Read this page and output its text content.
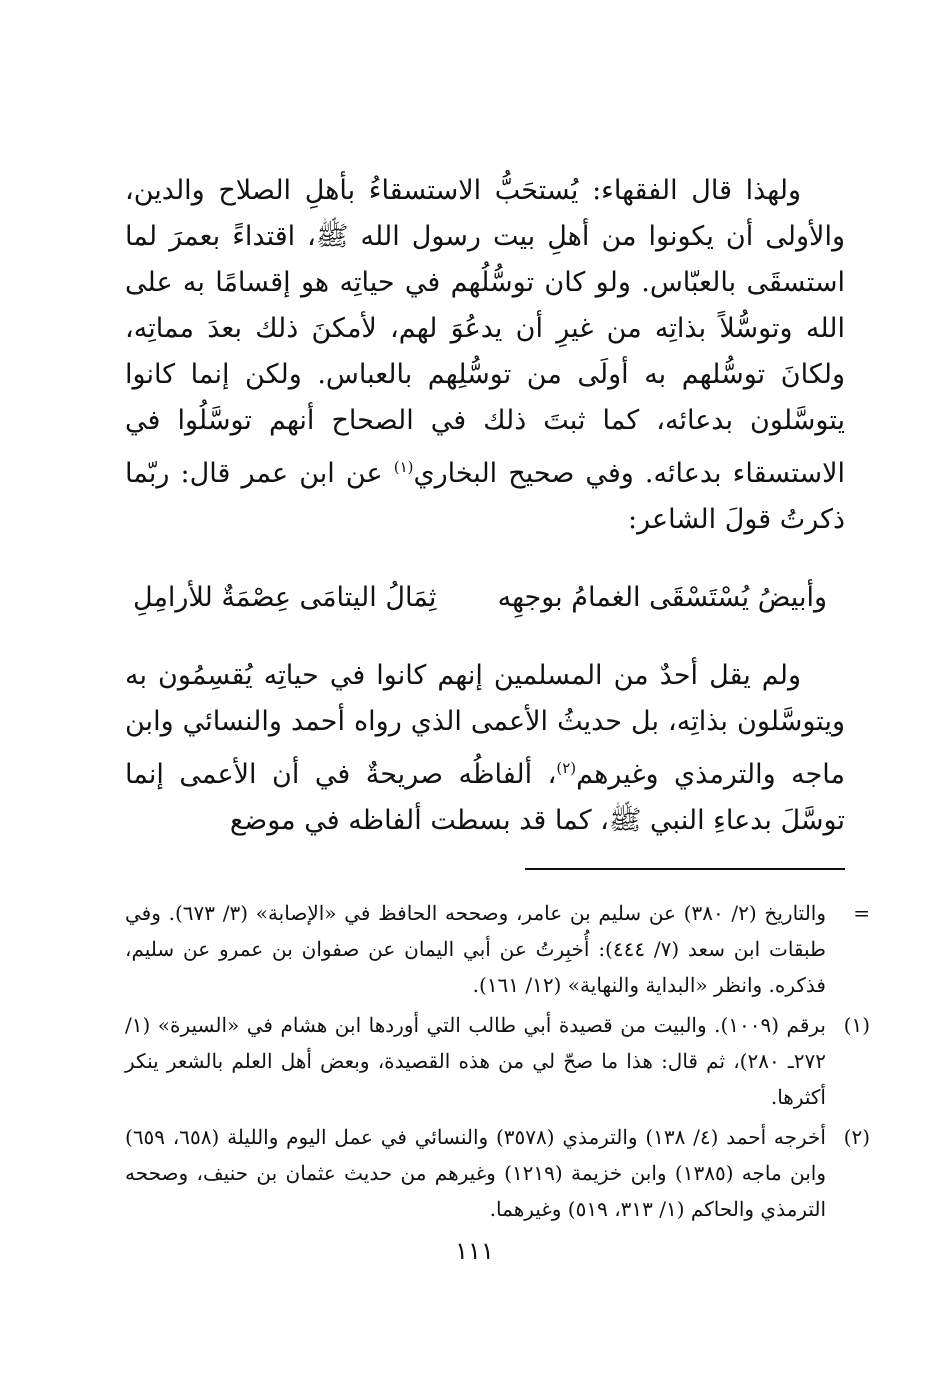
ولهذا قال الفقهاء: يُستحَبُّ الاستسقاءُ بأهلِ الصلاح والدين، والأولى أن يكونوا من أهلِ بيت رسول الله ﷺ، اقتداءً بعمرَ لما استسقَى بالعبّاس. ولو كان توسُّلُهم في حياتِه هو إقسامًا به على الله وتوسُّلاً بذاتِه من غيرِ أن يدعُوَ لهم، لأمكنَ ذلك بعدَ مماتِه، ولكانَ توسُّلهم به أولَى من توسُّلِهم بالعباس. ولكن إنما كانوا يتوسَّلون بدعائه، كما ثبتَ ذلك في الصحاح أنهم توسَّلُوا في الاستسقاء بدعائه. وفي صحيح البخاري$^{(١)}$ عن ابن عمر قال: ربّما ذكرتُ قولَ الشاعر:

وأبيضُ يُسْتَسْقَى الغمامُ بوجهِه
ثِمَالُ اليتامَى عِصْمَةٌ للأرامِلِ

ولم يقل أحدٌ من المسلمين إنهم كانوا في حياتِه يُقسِمُون به ويتوسَّلون بذاتِه، بل حديثُ الأعمى الذي رواه أحمد والنسائي وابن ماجه والترمذي وغيرهم$^{(٢)}$، ألفاظُه صريحةٌ في أن الأعمى إنما توسَّلَ بدعاءِ النبي ﷺ، كما قد بسطت ألفاظه في موضع

=
والتاريخ (٢/ ٣٨٠) عن سليم بن عامر، وصححه الحافظ في «الإصابة» (٣/ ٦٧٣). وفي طبقات ابن سعد (٧/ ٤٤٤): أُخبِرتُ عن أبي اليمان عن صفوان بن عمرو عن سليم، فذكره. وانظر «البداية والنهاية» (١٢/ ١٦١).
(١)
برقم (١٠٠٩). والبيت من قصيدة أبي طالب التي أوردها ابن هشام في «السيرة» (١/ ٢٧٢ـ ٢٨٠)، ثم قال: هذا ما صحّ لي من هذه القصيدة، وبعض أهل العلم بالشعر ينكر أكثرها.
(٢)
أخرجه أحمد (٤/ ١٣٨) والترمذي (٣٥٧٨) والنسائي في عمل اليوم والليلة (٦٥٨، ٦٥٩) وابن ماجه (١٣٨٥) وابن خزيمة (١٢١٩) وغيرهم من حديث عثمان بن حنيف، وصححه الترمذي والحاكم (١/ ٣١٣، ٥١٩) وغيرهما.
١١١
